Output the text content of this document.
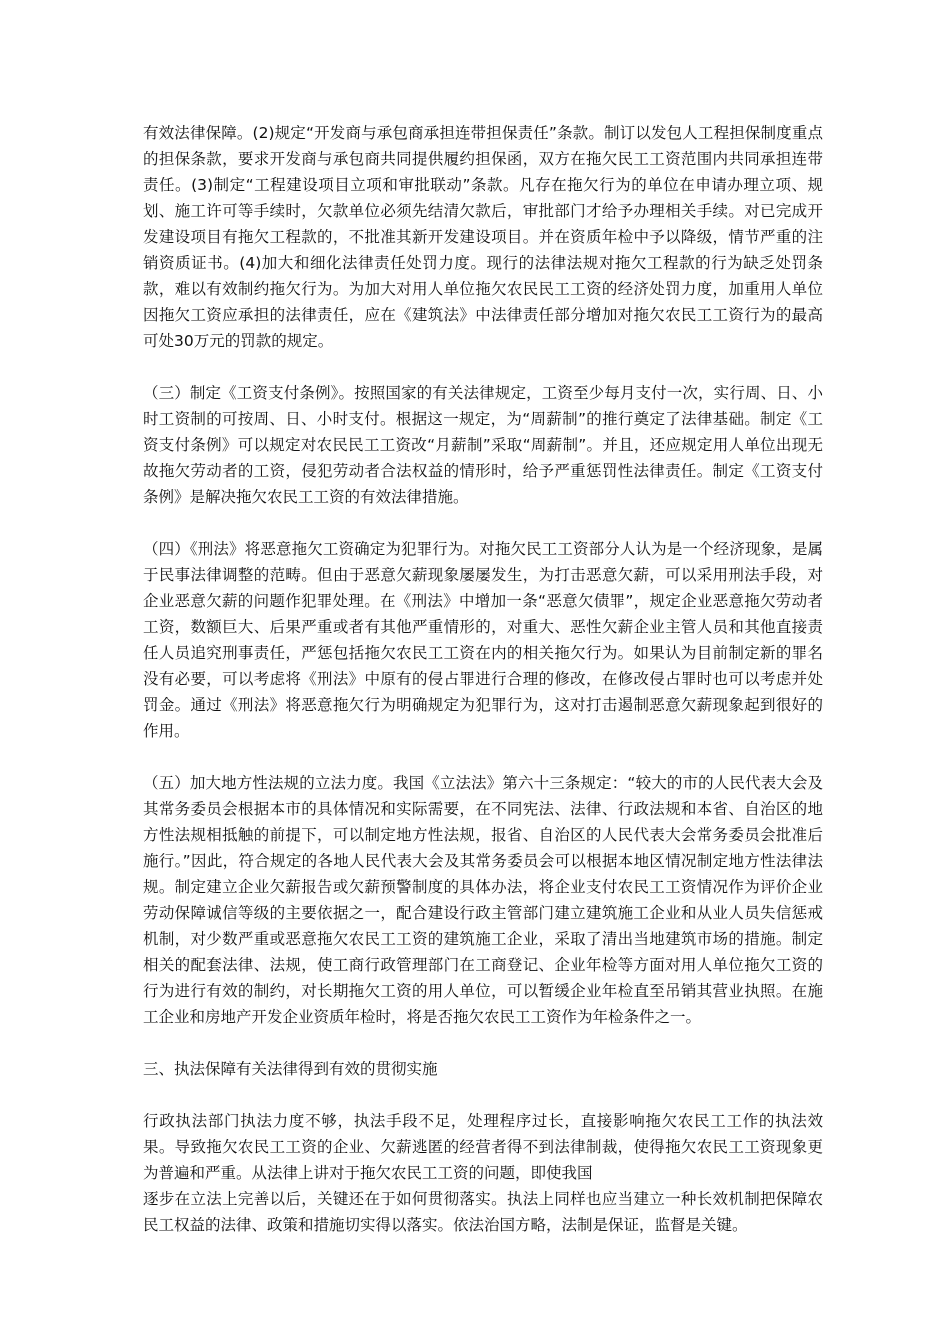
有效法律保障。(2)规定“开发商与承包商承担连带担保责任”条款。制订以发包人工程担保制度重点的担保条款，要求开发商与承包商共同提供履约担保函，双方在拖欠民工工资范围内共同承担连带责任。(3)制定“工程建设项目立项和审批联动”条款。凡存在拖欠行为的单位在申请办理立项、规划、施工许可等手续时，欠款单位必须先结清欠款后，审批部门才给予办理相关手续。对已完成开发建设项目有拖欠工程款的，不批准其新开发建设项目。并在资质年检中予以降级，情节严重的注销资质证书。(4)加大和细化法律责任处罚力度。现行的法律法规对拖欠工程款的行为缺乏处罚条款，难以有效制约拖欠行为。为加大对用人单位拖欠农民民工工资的经济处罚力度，加重用人单位因拖欠工资应承担的法律责任，应在《建筑法》中法律责任部分增加对拖欠农民工工资行为的最高可处30万元的罚款的规定。

（三）制定《工资支付条例》。按照国家的有关法律规定，工资至少每月支付一次，实行周、日、小时工资制的可按周、日、小时支付。根据这一规定，为“周薪制”的推行奠定了法律基础。制定《工资支付条例》可以规定对农民民工工资改“月薪制”采取“周薪制”。并且，还应规定用人单位出现无故拖欠劳动者的工资，侵犯劳动者合法权益的情形时，给予严重惩罚性法律责任。制定《工资支付条例》是解决拖欠农民工工资的有效法律措施。

（四）《刑法》将恶意拖欠工资确定为犯罪行为。对拖欠民工工资部分人认为是一个经济现象，是属于民事法律调整的范畴。但由于恶意欠薪现象屡屡发生，为打击恶意欠薪，可以采用刑法手段，对企业恶意欠薪的问题作犯罪处理。在《刑法》中增加一条“恶意欠债罪”，规定企业恶意拖欠劳动者工资，数额巨大、后果严重或者有其他严重情形的，对重大、恶性欠薪企业主管人员和其他直接责任人员追究刑事责任，严惩包括拖欠农民工工资在内的相关拖欠行为。如果认为目前制定新的罪名没有必要，可以考虑将《刑法》中原有的侵占罪进行合理的修改，在修改侵占罪时也可以考虑并处罚金。通过《刑法》将恶意拖欠行为明确规定为犯罪行为，这对打击遏制恶意欠薪现象起到很好的作用。

（五）加大地方性法规的立法力度。我国《立法法》第六十三条规定：“较大的市的人民代表大会及其常务委员会根据本市的具体情况和实际需要，在不同宪法、法律、行政法规和本省、自治区的地方性法规相抵触的前提下，可以制定地方性法规，报省、自治区的人民代表大会常务委员会批准后施行。”因此，符合规定的各地人民代表大会及其常务委员会可以根据本地区情况制定地方性法律法规。制定建立企业欠薪报告或欠薪预警制度的具体办法，将企业支付农民工工资情况作为评价企业劳动保障诚信等级的主要依据之一，配合建设行政主管部门建立建筑施工企业和从业人员失信惩戒机制，对少数严重或恶意拖欠农民工工资的建筑施工企业，采取了清出当地建筑市场的措施。制定相关的配套法律、法规，使工商行政管理部门在工商登记、企业年检等方面对用人单位拖欠工资的行为进行有效的制约，对长期拖欠工资的用人单位，可以暂缓企业年检直至吊销其营业执照。在施工企业和房地产开发企业资质年检时，将是否拖欠农民工工资作为年检条件之一。

三、执法保障有关法律得到有效的贯彻实施

行政执法部门执法力度不够，执法手段不足，处理程序过长，直接影响拖欠农民工工作的执法效果。导致拖欠农民工工资的企业、欠薪逃匿的经营者得不到法律制裁，使得拖欠农民工工资现象更为普遍和严重。从法律上讲对于拖欠农民工工资的问题，即使我国

逐步在立法上完善以后，关键还在于如何贯彻落实。执法上同样也应当建立一种长效机制把保障农民工权益的法律、政策和措施切实得以落实。依法治国方略，法制是保证，监督是关键。
